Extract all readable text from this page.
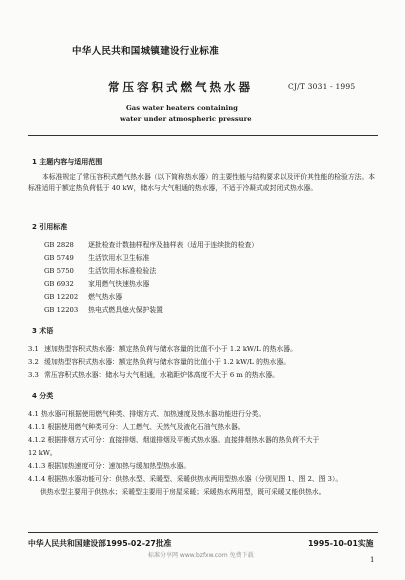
中华人民共和国城镇建设行业标准
常压容积式燃气热水器	CJ/T 3031 - 1995
Gas water heaters containing
water under atmospheric pressure
1 主题内容与适用范围
本标准规定了常压容积式燃气热水器（以下简称热水器）的主要性能与结构要求以及评价其性能的检验方法。本标准适用于额定热负荷低于 40 kW，储水与大气相通的热水器，不适于冷凝式或封闭式热水器。
2 引用标准
GB 2828 逐批检查计数抽样程序及抽样表（适用于连续批的检查）
GB 5749 生活饮用水卫生标准
GB 5750 生活饮用水标准检验法
GB 6932 家用燃气快速热水器
GB 12202 燃气热水器
GB 12203 热电式燃具熄火保护装置
3 术语
3.1 速加热型容积式热水器：额定热负荷与储水容量的比值不小于 1.2 kW/L 的热水器。
3.2 缓加热型容积式热水器：额定热负荷与储水容量的比值小于 1.2 kW/L 的热水器。
3.3 常压容积式热水器：储水与大气相通，水箱距炉体高度不大于 6 m 的热水器。
4 分类
4.1 热水器可根据使用燃气种类、排烟方式、加热速度及热水器功能进行分类。
4.1.1 根据使用燃气种类可分：人工燃气、天然气及液化石油气热水器。
4.1.2 根据排烟方式可分：直接排烟、烟道排烟及平衡式热水器。直接排烟热水器的热负荷不大于
12 kW。
4.1.3 根据加热速度可分：速加热与缓加热型热水器。
4.1.4 根据热水器功能可分：供热水型、采暖型、采暖供热水两用型热水器（分别见图 1、图 2、图 3）。
供热水型主要用于供热水；采暖型主要用于房屋采暖；采暖热水两用型，既可采暖又能供热水。
中华人民共和国建设部1995-02-27批准	1995-10-01实施
标准分享网 www.bzfxw.com 免费下载
1
